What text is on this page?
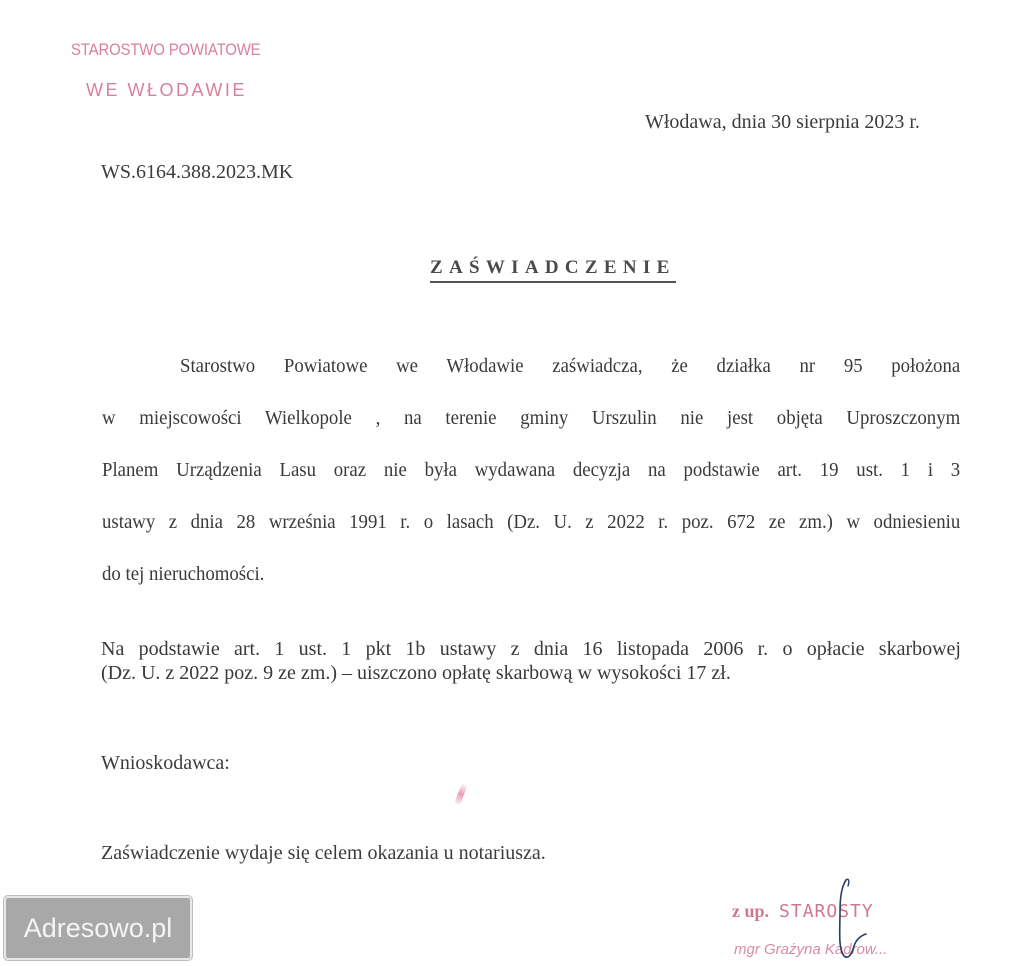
STAROSTWO POWIATOWE
WE WŁODAWIE
Włodawa, dnia 30 sierpnia 2023 r.
WS.6164.388.2023.MK
ZAŚWIADCZENIE
Starostwo Powiatowe we Włodawie zaświadcza, że działka nr 95 położona
w miejscowości Wielkopole , na terenie gminy Urszulin nie jest objęta Uproszczonym
Planem Urządzenia Lasu oraz nie była wydawana decyzja na podstawie art. 19 ust. 1 i 3
ustawy z dnia 28 września 1991 r. o lasach (Dz. U. z 2022 r. poz. 672 ze zm.) w odniesieniu
do tej nieruchomości.
Na podstawie art. 1 ust. 1 pkt 1b ustawy z dnia 16 listopada 2006 r. o opłacie skarbowej
(Dz. U. z 2022 poz. 9 ze zm.) – uiszczono opłatę skarbową w wysokości 17 zł.
Wnioskodawca:
Zaświadczenie wydaje się celem okazania u notariusza.
z up. STAROSTY
mgr Grażyna Kadrow...
Adresowo.pl
